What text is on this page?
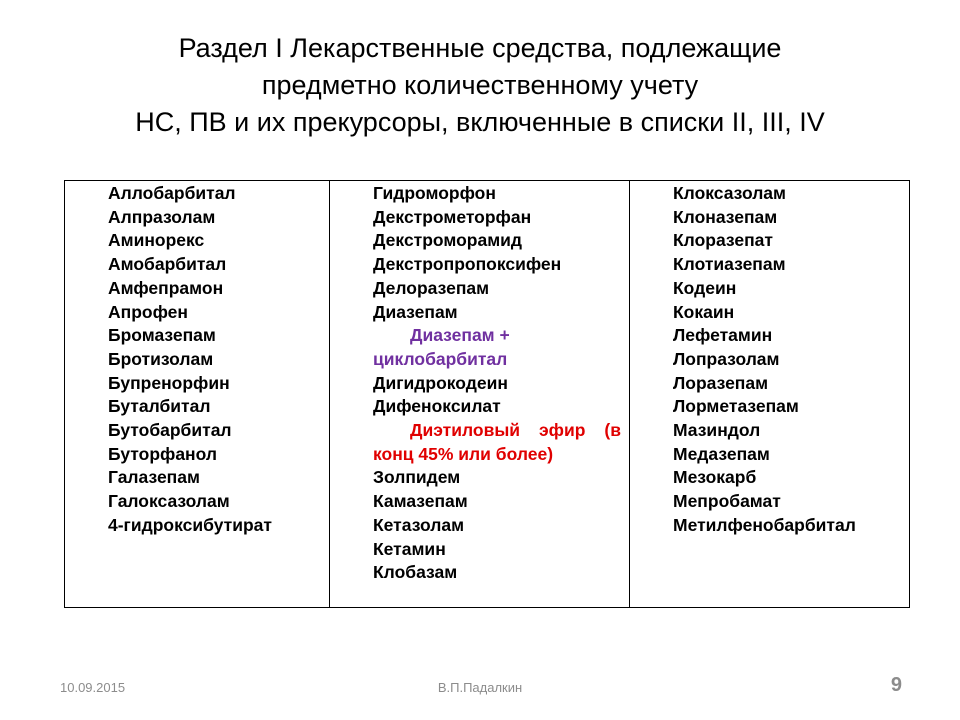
Раздел I Лекарственные средства, подлежащие
предметно количественному учету
НС, ПВ и их прекурсоры, включенные в списки II, III, IV
Аллобарбитал
Алпразолам
Аминорекс
Амобарбитал
Амфепрамон
Апрофен
Бромазепам
Бротизолам
Бупренорфин
Буталбитал
Бутобарбитал
Буторфанол
Галазепам
Галоксазолам
4-гидроксибутират
Гидроморфон
Декстрометорфан
Декстроморамид
Декстропропоксифен
Делоразепам
Диазепам
Диазепам +
циклобарбитал
Дигидрокодеин
Дифеноксилат
Диэтиловый эфир (в
конц 45% или более)
Золпидем
Камазепам
Кетазолам
Кетамин
Клобазам
Клоксазолам
Клоназепам
Клоразепат
Клотиазепам
Кодеин
Кокаин
Лефетамин
Лопразолам
Лоразепам
Лорметазепам
Мазиндол
Медазепам
Мезокарб
Мепробамат
Метилфенобарбитал
10.09.2015	В.П.Падалкин	9
